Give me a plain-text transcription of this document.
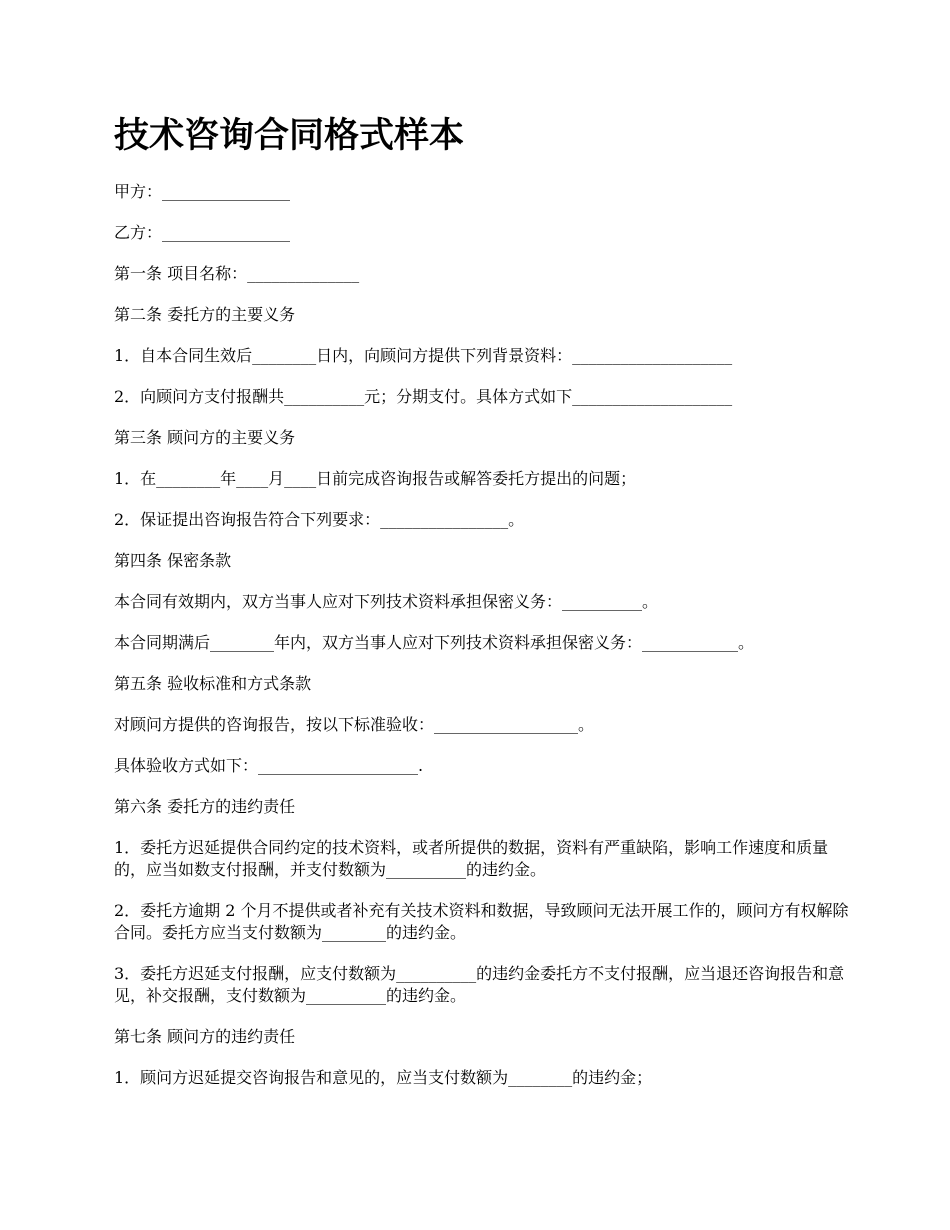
技术咨询合同格式样本

甲方：________________

乙方：________________

第一条 项目名称：______________

第二条 委托方的主要义务

1．自本合同生效后________日内，向顾问方提供下列背景资料：____________________

2．向顾问方支付报酬共__________元；分期支付。具体方式如下____________________

第三条 顾问方的主要义务

1．在________年____月____日前完成咨询报告或解答委托方提出的问题；

2．保证提出咨询报告符合下列要求：________________。

第四条 保密条款

本合同有效期内，双方当事人应对下列技术资料承担保密义务：__________。

本合同期满后________年内，双方当事人应对下列技术资料承担保密义务：____________。

第五条 验收标准和方式条款

对顾问方提供的咨询报告，按以下标准验收：__________________。

具体验收方式如下：____________________.

第六条 委托方的违约责任

1．委托方迟延提供合同约定的技术资料，或者所提供的数据，资料有严重缺陷，影响工作速度和质量的，应当如数支付报酬，并支付数额为__________的违约金。

2．委托方逾期 2 个月不提供或者补充有关技术资料和数据，导致顾问无法开展工作的，顾问方有权解除合同。委托方应当支付数额为________的违约金。

3．委托方迟延支付报酬，应支付数额为__________的违约金委托方不支付报酬，应当退还咨询报告和意见，补交报酬，支付数额为__________的违约金。

第七条 顾问方的违约责任

1．顾问方迟延提交咨询报告和意见的，应当支付数额为________的违约金；
